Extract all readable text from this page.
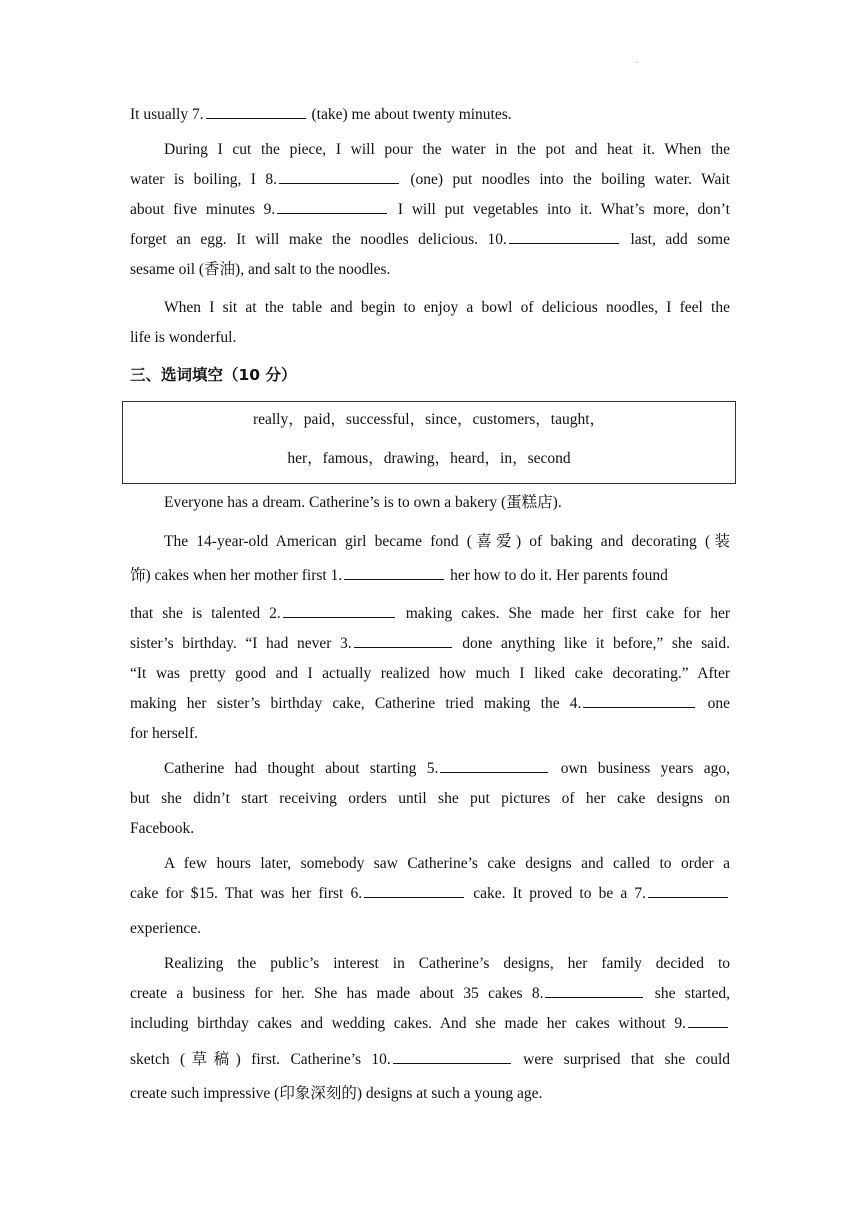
.
It usually 7.	(take) me about twenty minutes.
During I cut the piece, I will pour the water in the pot and heat it. When the
water is boiling, I 8.	(one) put noodles into the boiling water. Wait
about five minutes 9.	I will put vegetables into it. What’s more, don’t
forget an egg. It will make the noodles delicious. 10.	last, add some
sesame oil (香油), and salt to the noodles.
When I sit at the table and begin to enjoy a bowl of delicious noodles, I feel the
life is wonderful.
三、选词填空（10 分）
really，paid，successful，since，customers，taught，
her，famous，drawing，heard，in，second
Everyone has a dream. Catherine’s is to own a bakery (蛋糕店).
The 14-year-old American girl became fond (喜爱) of baking and decorating (装
饰) cakes when her mother first 1.	her how to do it. Her parents found
that she is talented 2.	making cakes. She made her first cake for her
sister’s birthday. “I had never 3.	done anything like it before,” she said.
“It was pretty good and I actually realized how much I liked cake decorating.” After
making her sister’s birthday cake, Catherine tried making the 4.	one
for herself.
Catherine had thought about starting 5.	own business years ago,
but she didn’t start receiving orders until she put pictures of her cake designs on
Facebook.
A few hours later, somebody saw Catherine’s cake designs and called to order a
cake for $15. That was her first 6.	cake. It proved to be a 7.
experience.
Realizing the public’s interest in Catherine’s designs, her family decided to
create a business for her. She has made about 35 cakes 8.	she started,
including birthday cakes and wedding cakes. And she made her cakes without 9.
sketch (草稿) first. Catherine’s 10.	were surprised that she could
create such impressive (印象深刻的) designs at such a young age.
